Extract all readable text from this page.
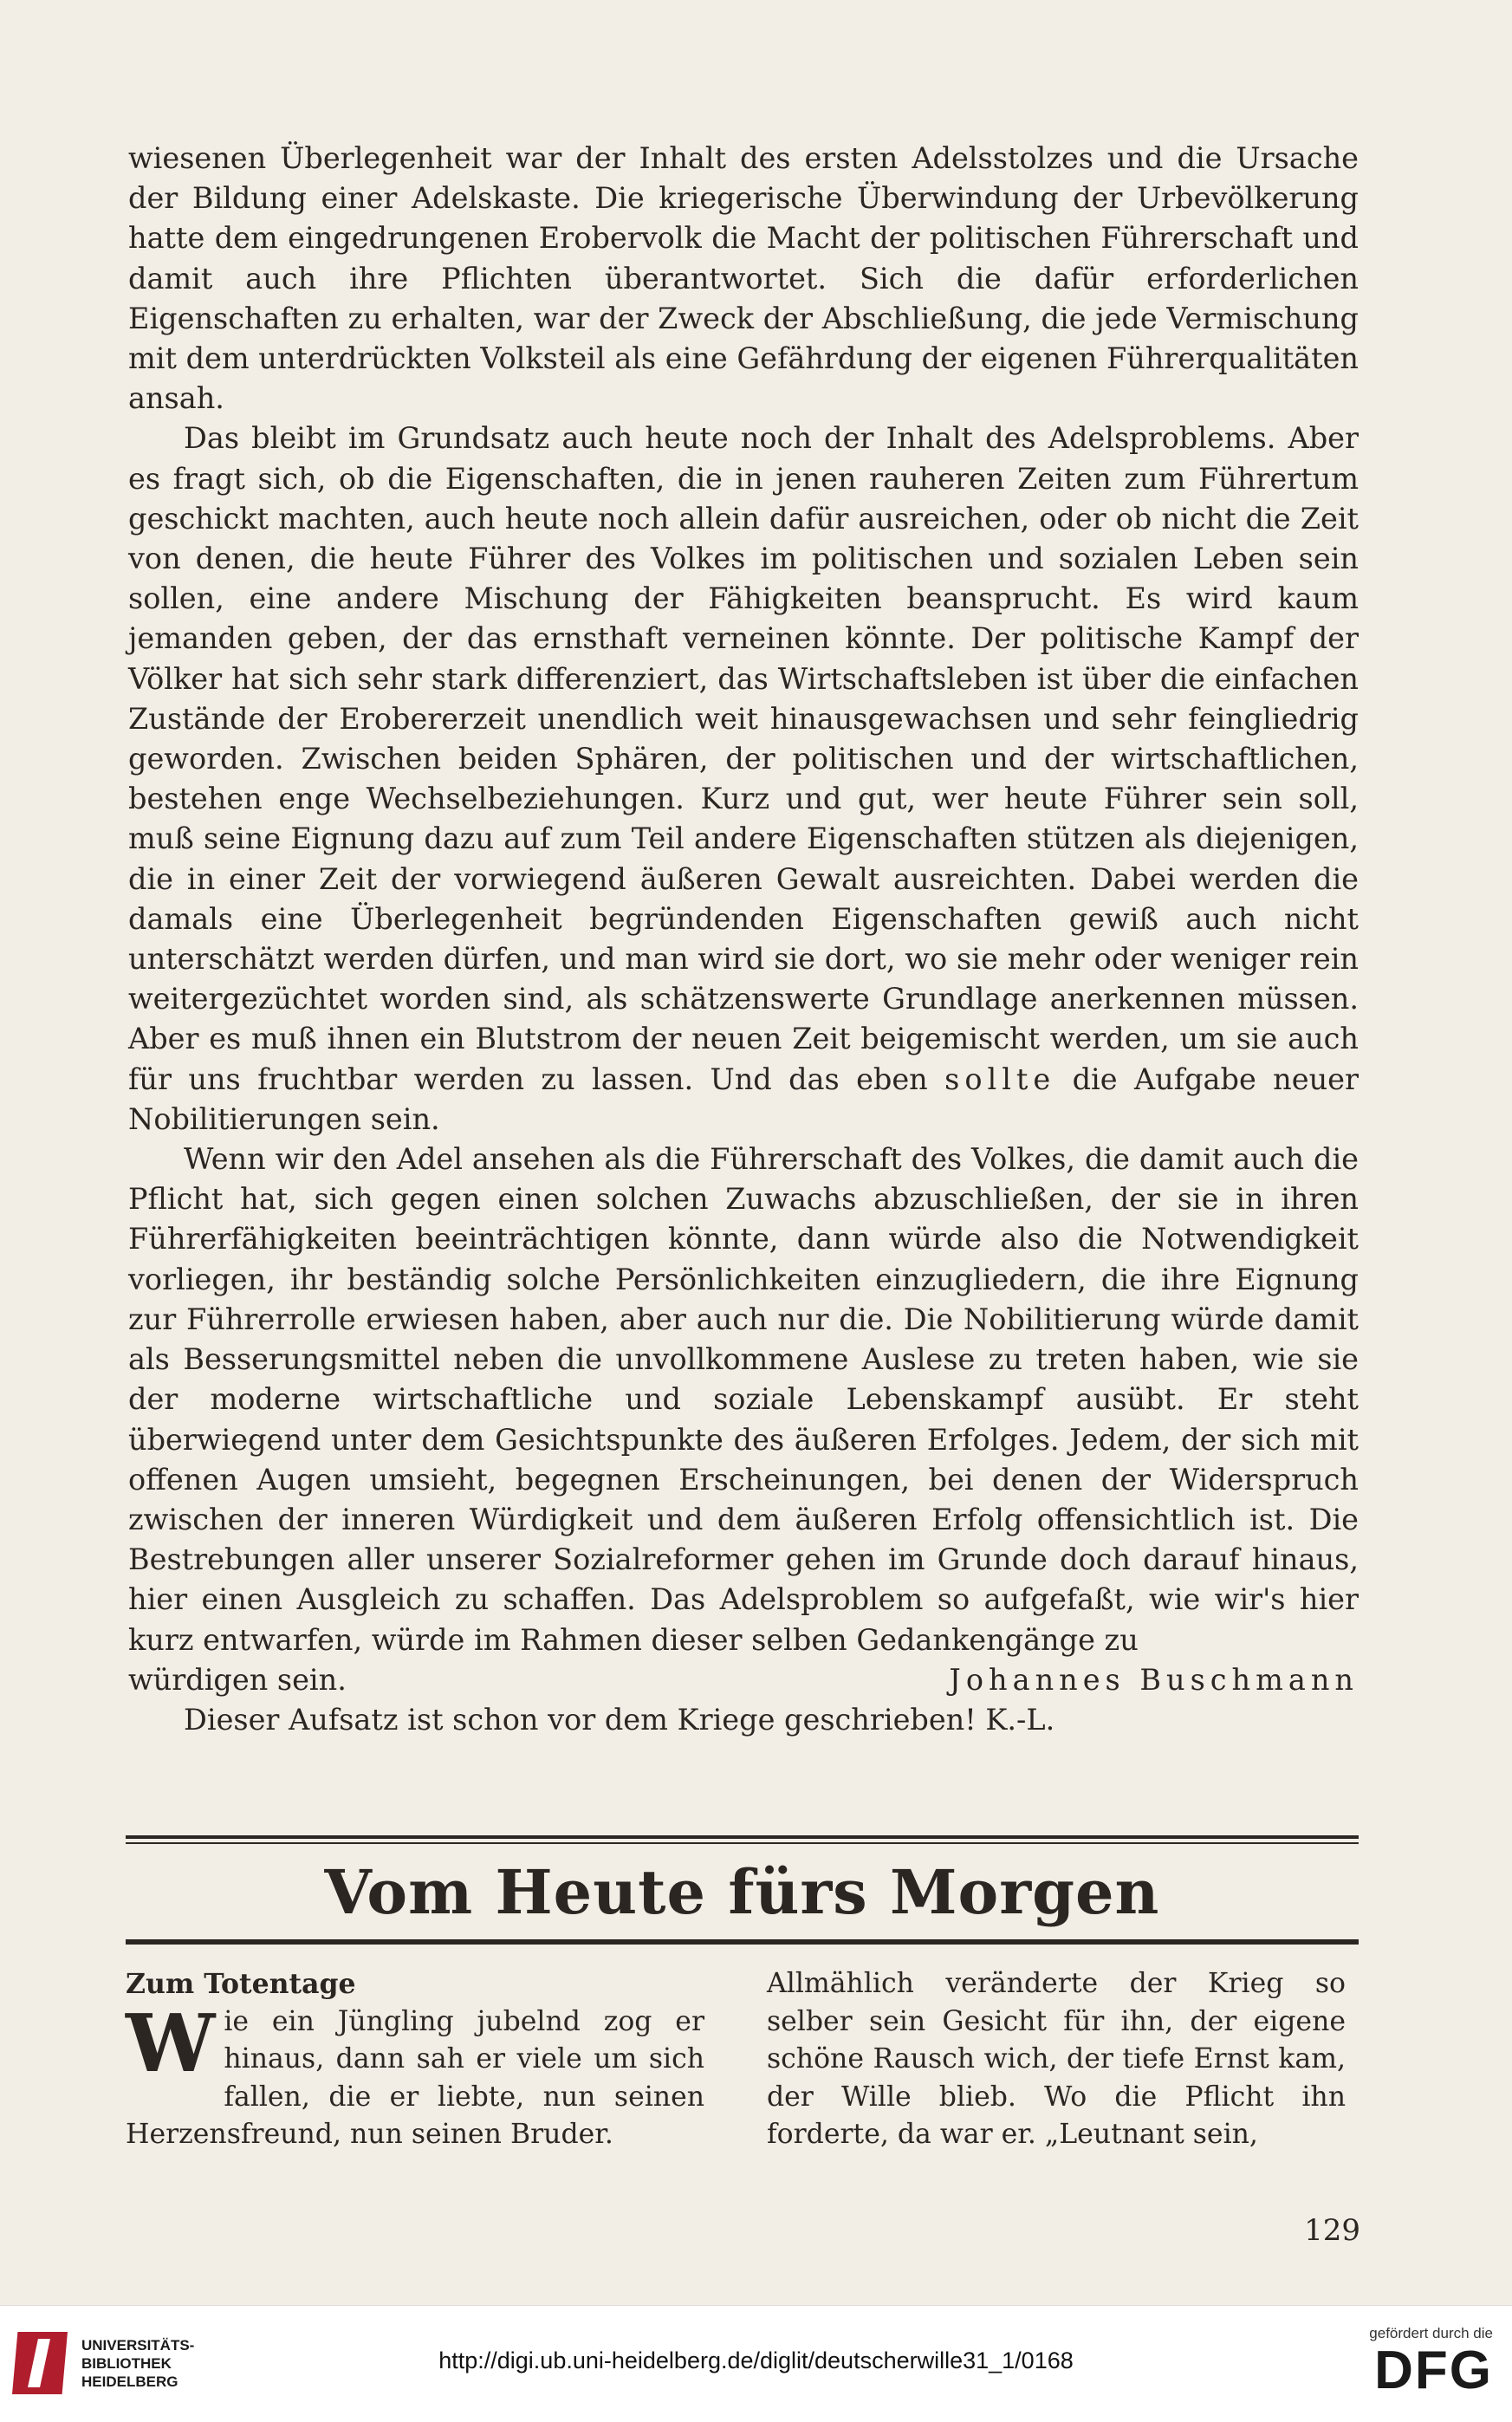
wiesenen Überlegenheit war der Inhalt des ersten Adelsstolzes und die Ursache der Bildung einer Adelskaste. Die kriegerische Überwindung der Urbevölkerung hatte dem eingedrungenen Erobervolk die Macht der politischen Führerschaft und damit auch ihre Pflichten überantwortet. Sich die dafür erforderlichen Eigenschaften zu erhalten, war der Zweck der Abschließung, die jede Vermischung mit dem unterdrückten Volksteil als eine Gefährdung der eigenen Führerqualitäten ansah.

Das bleibt im Grundsatz auch heute noch der Inhalt des Adelsproblems. Aber es fragt sich, ob die Eigenschaften, die in jenen rauheren Zeiten zum Führertum geschickt machten, auch heute noch allein dafür ausreichen, oder ob nicht die Zeit von denen, die heute Führer des Volkes im politischen und sozialen Leben sein sollen, eine andere Mischung der Fähigkeiten beansprucht. Es wird kaum jemanden geben, der das ernsthaft verneinen könnte. Der politische Kampf der Völker hat sich sehr stark differenziert, das Wirtschaftsleben ist über die einfachen Zustände der Erobererzeit unendlich weit hinausgewachsen und sehr feingliedrig geworden. Zwischen beiden Sphären, der politischen und der wirtschaftlichen, bestehen enge Wechselbeziehungen. Kurz und gut, wer heute Führer sein soll, muß seine Eignung dazu auf zum Teil andere Eigenschaften stützen als diejenigen, die in einer Zeit der vorwiegend äußeren Gewalt ausreichten. Dabei werden die damals eine Überlegenheit begründenden Eigenschaften gewiß auch nicht unterschätzt werden dürfen, und man wird sie dort, wo sie mehr oder weniger rein weitergezüchtet worden sind, als schätzenswerte Grundlage anerkennen müssen. Aber es muß ihnen ein Blutstrom der neuen Zeit beigemischt werden, um sie auch für uns fruchtbar werden zu lassen. Und das eben sollte die Aufgabe neuer Nobilitierungen sein.

Wenn wir den Adel ansehen als die Führerschaft des Volkes, die damit auch die Pflicht hat, sich gegen einen solchen Zuwachs abzuschließen, der sie in ihren Führerfähigkeiten beeinträchtigen könnte, dann würde also die Notwendigkeit vorliegen, ihr beständig solche Persönlichkeiten einzugliedern, die ihre Eignung zur Führerrolle erwiesen haben, aber auch nur die. Die Nobilitierung würde damit als Besserungsmittel neben die unvollkommene Auslese zu treten haben, wie sie der moderne wirtschaftliche und soziale Lebenskampf ausübt. Er steht überwiegend unter dem Gesichtspunkte des äußeren Erfolges. Jedem, der sich mit offenen Augen umsieht, begegnen Erscheinungen, bei denen der Widerspruch zwischen der inneren Würdigkeit und dem äußeren Erfolg offensichtlich ist. Die Bestrebungen aller unserer Sozialreformer gehen im Grunde doch darauf hinaus, hier einen Ausgleich zu schaffen. Das Adelsproblem so aufgefaßt, wie wir's hier kurz entwarfen, würde im Rahmen dieser selben Gedankengänge zu

würdigen sein.	Johannes Buschmann

Dieser Aufsatz ist schon vor dem Kriege geschrieben! K.-L.

Vom Heute fürs Morgen

Zum Totentage

Wie ein Jüngling jubelnd zog er hinaus, dann sah er viele um sich fallen, die er liebte, nun seinen Herzensfreund, nun seinen Bruder.

Allmählich veränderte der Krieg so selber sein Gesicht für ihn, der eigene schöne Rausch wich, der tiefe Ernst kam, der Wille blieb. Wo die Pflicht ihn forderte, da war er. „Leutnant sein,

129
UNIVERSITÄTS-
BIBLIOTHEK
HEIDELBERG
http://digi.ub.uni-heidelberg.de/diglit/deutscherwille31_1/0168
gefördert durch die
DFG
